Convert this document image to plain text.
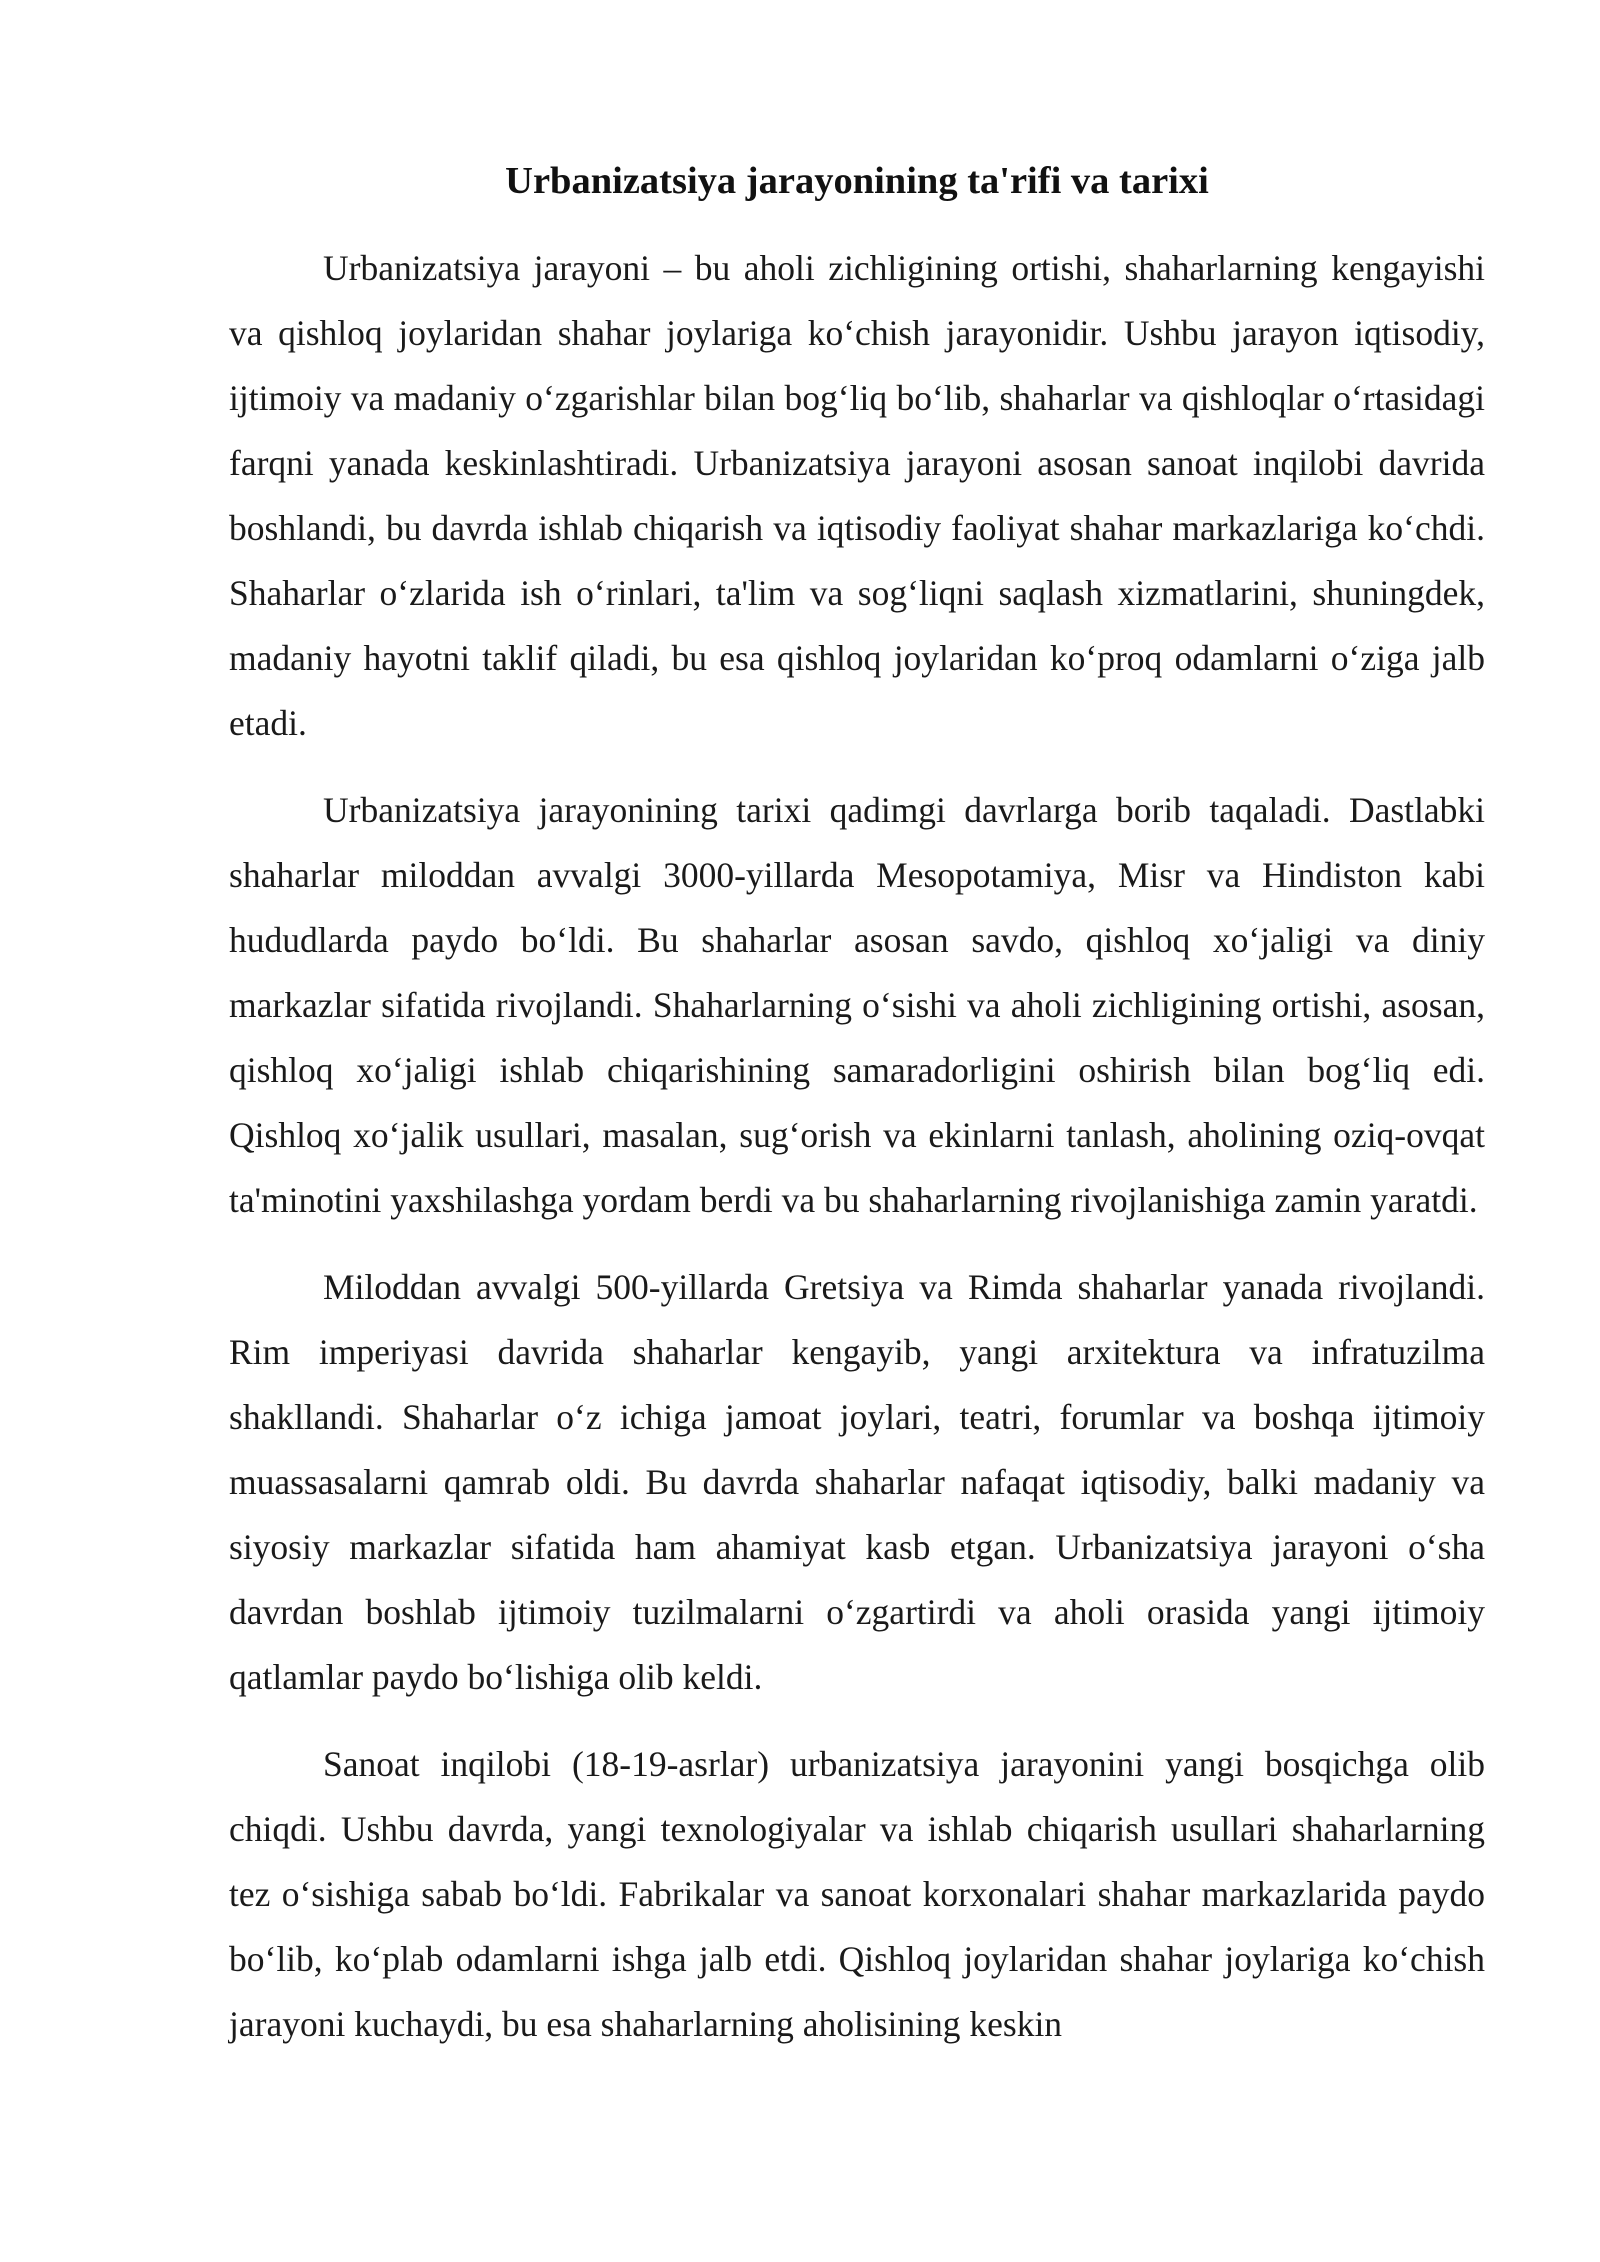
Urbanizatsiya jarayonining ta'rifi va tarixi

Urbanizatsiya jarayoni – bu aholi zichligining ortishi, shaharlarning kengayishi va qishloq joylaridan shahar joylariga ko‘chish jarayonidir. Ushbu jarayon iqtisodiy, ijtimoiy va madaniy o‘zgarishlar bilan bog‘liq bo‘lib, shaharlar va qishloqlar o‘rtasidagi farqni yanada keskinlashtiradi. Urbanizatsiya jarayoni asosan sanoat inqilobi davrida boshlandi, bu davrda ishlab chiqarish va iqtisodiy faoliyat shahar markazlariga ko‘chdi. Shaharlar o‘zlarida ish o‘rinlari, ta'lim va sog‘liqni saqlash xizmatlarini, shuningdek, madaniy hayotni taklif qiladi, bu esa qishloq joylaridan ko‘proq odamlarni o‘ziga jalb etadi.

Urbanizatsiya jarayonining tarixi qadimgi davrlarga borib taqaladi. Dastlabki shaharlar miloddan avvalgi 3000-yillarda Mesopotamiya, Misr va Hindiston kabi hududlarda paydo bo‘ldi. Bu shaharlar asosan savdo, qishloq xo‘jaligi va diniy markazlar sifatida rivojlandi. Shaharlarning o‘sishi va aholi zichligining ortishi, asosan, qishloq xo‘jaligi ishlab chiqarishining samaradorligini oshirish bilan bog‘liq edi. Qishloq xo‘jalik usullari, masalan, sug‘orish va ekinlarni tanlash, aholining oziq-ovqat ta'minotini yaxshilashga yordam berdi va bu shaharlarning rivojlanishiga zamin yaratdi.

Miloddan avvalgi 500-yillarda Gretsiya va Rimda shaharlar yanada rivojlandi. Rim imperiyasi davrida shaharlar kengayib, yangi arxitektura va infratuzilma shakllandi. Shaharlar o‘z ichiga jamoat joylari, teatri, forumlar va boshqa ijtimoiy muassasalarni qamrab oldi. Bu davrda shaharlar nafaqat iqtisodiy, balki madaniy va siyosiy markazlar sifatida ham ahamiyat kasb etgan. Urbanizatsiya jarayoni o‘sha davrdan boshlab ijtimoiy tuzilmalarni o‘zgartirdi va aholi orasida yangi ijtimoiy qatlamlar paydo bo‘lishiga olib keldi.

Sanoat inqilobi (18-19-asrlar) urbanizatsiya jarayonini yangi bosqichga olib chiqdi. Ushbu davrda, yangi texnologiyalar va ishlab chiqarish usullari shaharlarning tez o‘sishiga sabab bo‘ldi. Fabrikalar va sanoat korxonalari shahar markazlarida paydo bo‘lib, ko‘plab odamlarni ishga jalb etdi. Qishloq joylaridan shahar joylariga ko‘chish jarayoni kuchaydi, bu esa shaharlarning aholisining keskin
